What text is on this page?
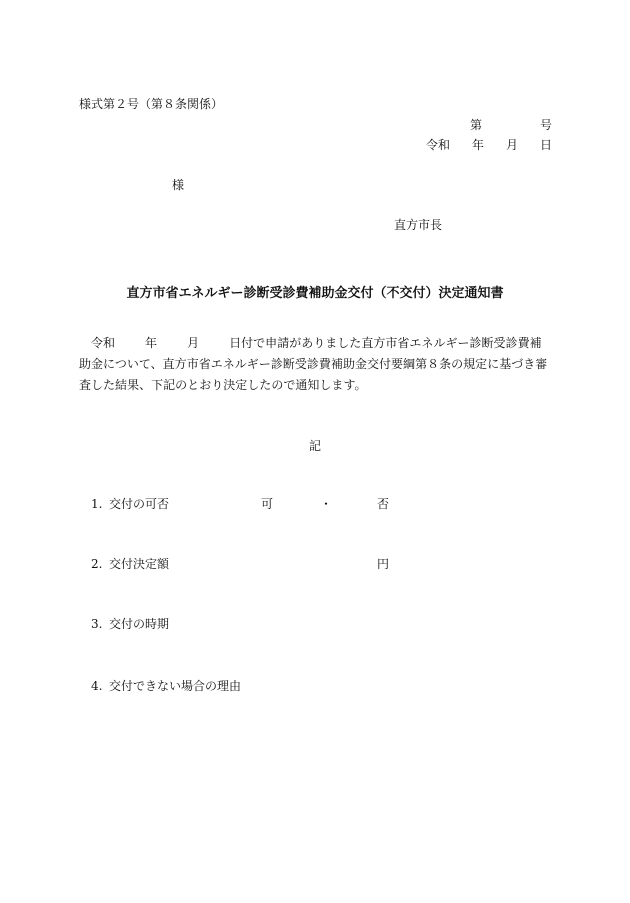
様式第２号（第８条関係）
第	号
令和 年 月 日
様
直方市長
直方市省エネルギー診断受診費補助金交付（不交付）決定通知書
令和	年	月	日付で申請がありました直方市省エネルギー診断受診費補助金について、直方市省エネルギー診断受診費補助金交付要綱第８条の規定に基づき審査した結果、下記のとおり決定したので通知します。
記
1. 交付の可否	可	・	否
2. 交付決定額	円
3. 交付の時期
4. 交付できない場合の理由
